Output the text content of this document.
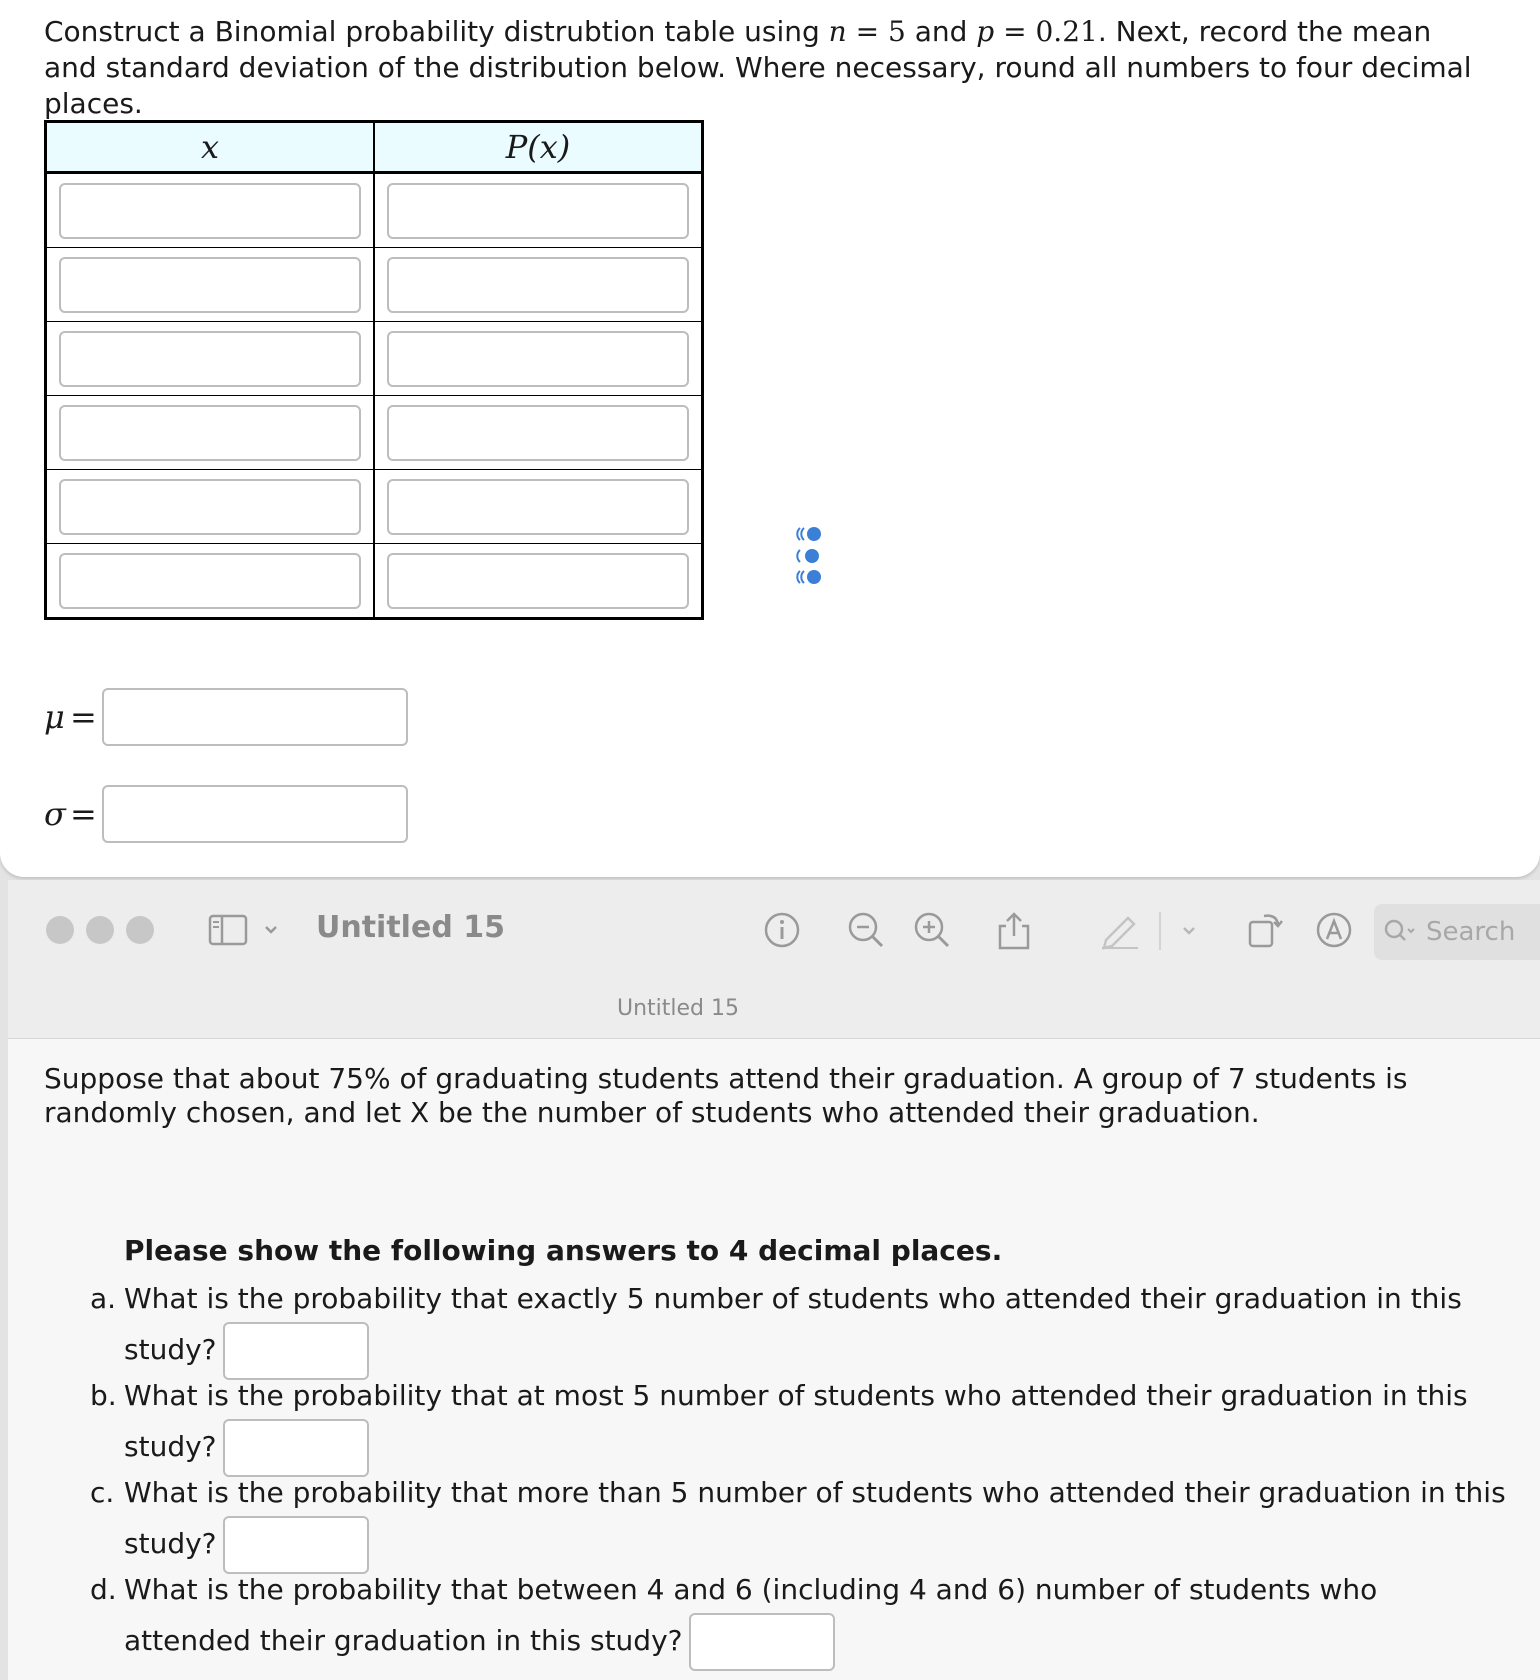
Construct a Binomial probability distrubtion table using n = 5 and p = 0.21. Next, record the mean and standard deviation of the distribution below. Where necessary, round all numbers to four decimal places.

x	P(x)

μ =
σ =
Untitled 15	Search
Untitled 15

Suppose that about 75% of graduating students attend their graduation. A group of 7 students is randomly chosen, and let X be the number of students who attended their graduation.

Please show the following answers to 4 decimal places.

a. What is the probability that exactly 5 number of students who attended their graduation in this study?
b. What is the probability that at most 5 number of students who attended their graduation in this study?
c. What is the probability that more than 5 number of students who attended their graduation in this study?
d. What is the probability that between 4 and 6 (including 4 and 6) number of students who attended their graduation in this study?
